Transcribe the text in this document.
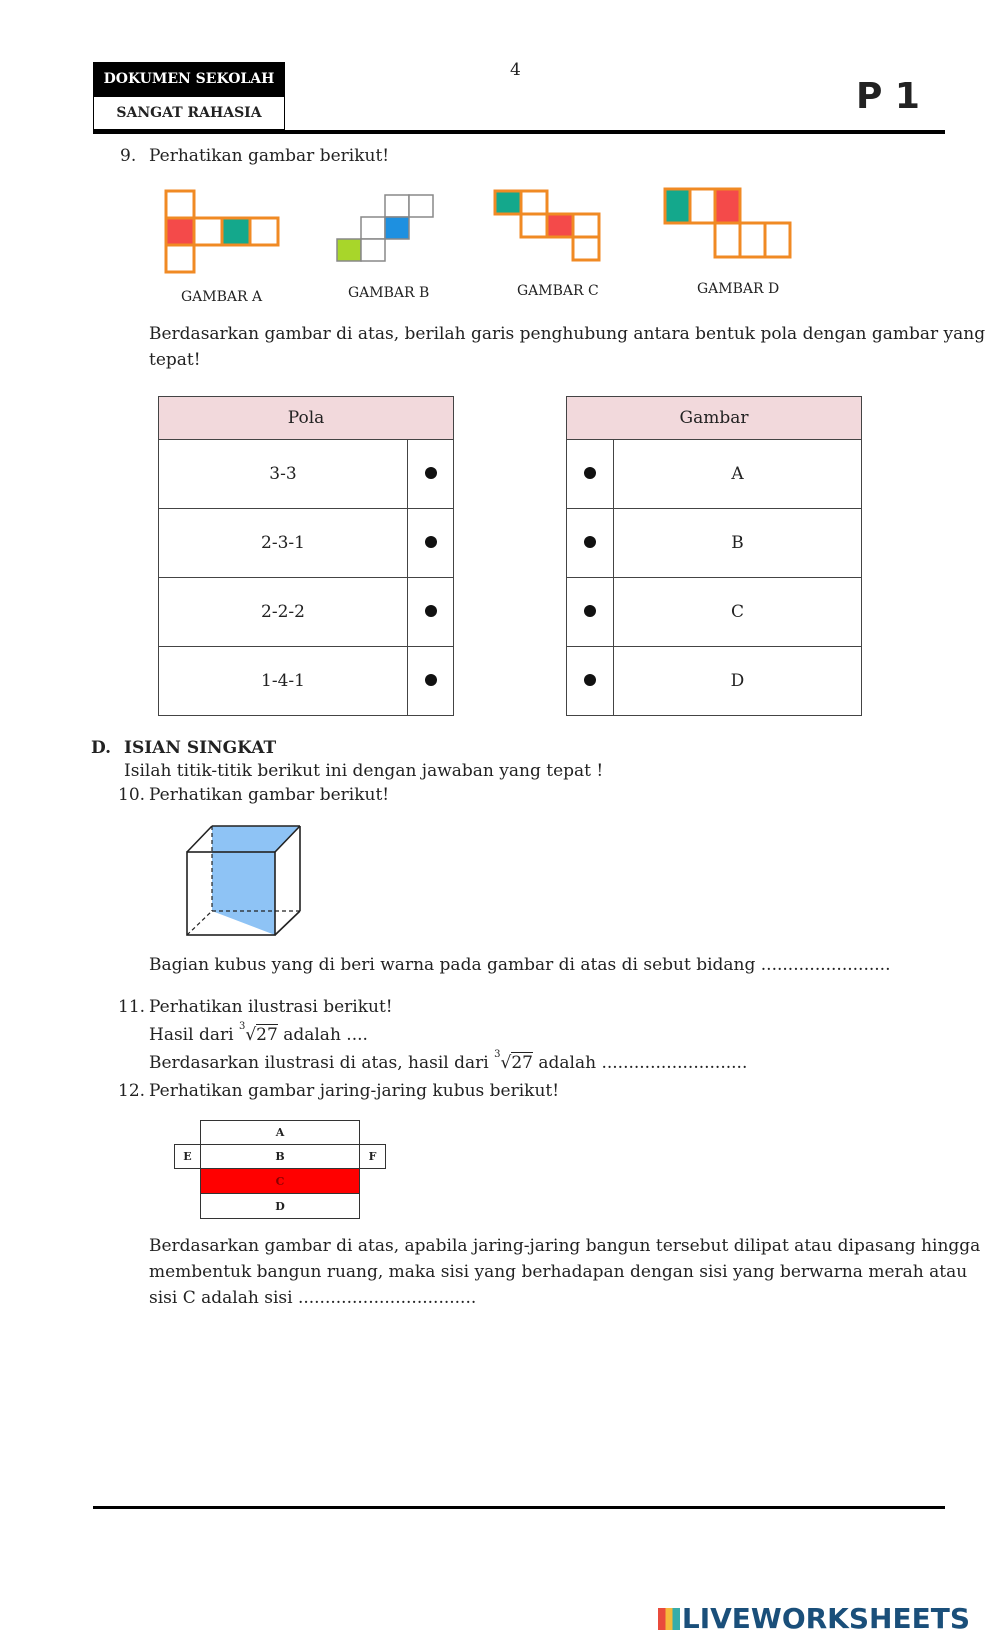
DOKUMEN SEKOLAH
SANGAT RAHASIA
4
P 1
9. Perhatikan gambar berikut!
GAMBAR A	GAMBAR B	GAMBAR C	GAMBAR D
Berdasarkan gambar di atas, berilah garis penghubung antara bentuk pola dengan gambar yang
tepat!
Pola	
3-3	
2-3-1	
2-2-2	
1-4-1	
Gambar	
	A
	B
	C
	D
D. ISIAN SINGKAT
Isilah titik-titik berikut ini dengan jawaban yang tepat !
10. Perhatikan gambar berikut!
Bagian kubus yang di beri warna pada gambar di atas di sebut bidang ........................
11. Perhatikan ilustrasi berikut!
Hasil dari $^3$√27 adalah ....
Berdasarkan ilustrasi di atas, hasil dari $^3$√27 adalah ...........................
12. Perhatikan gambar jaring-jaring kubus berikut!
A
E	B	F
C
D
Berdasarkan gambar di atas, apabila jaring-jaring bangun tersebut dilipat atau dipasang hingga
membentuk bangun ruang, maka sisi yang berhadapan dengan sisi yang berwarna merah atau
sisi C adalah sisi .................................
LIVEWORKSHEETS
